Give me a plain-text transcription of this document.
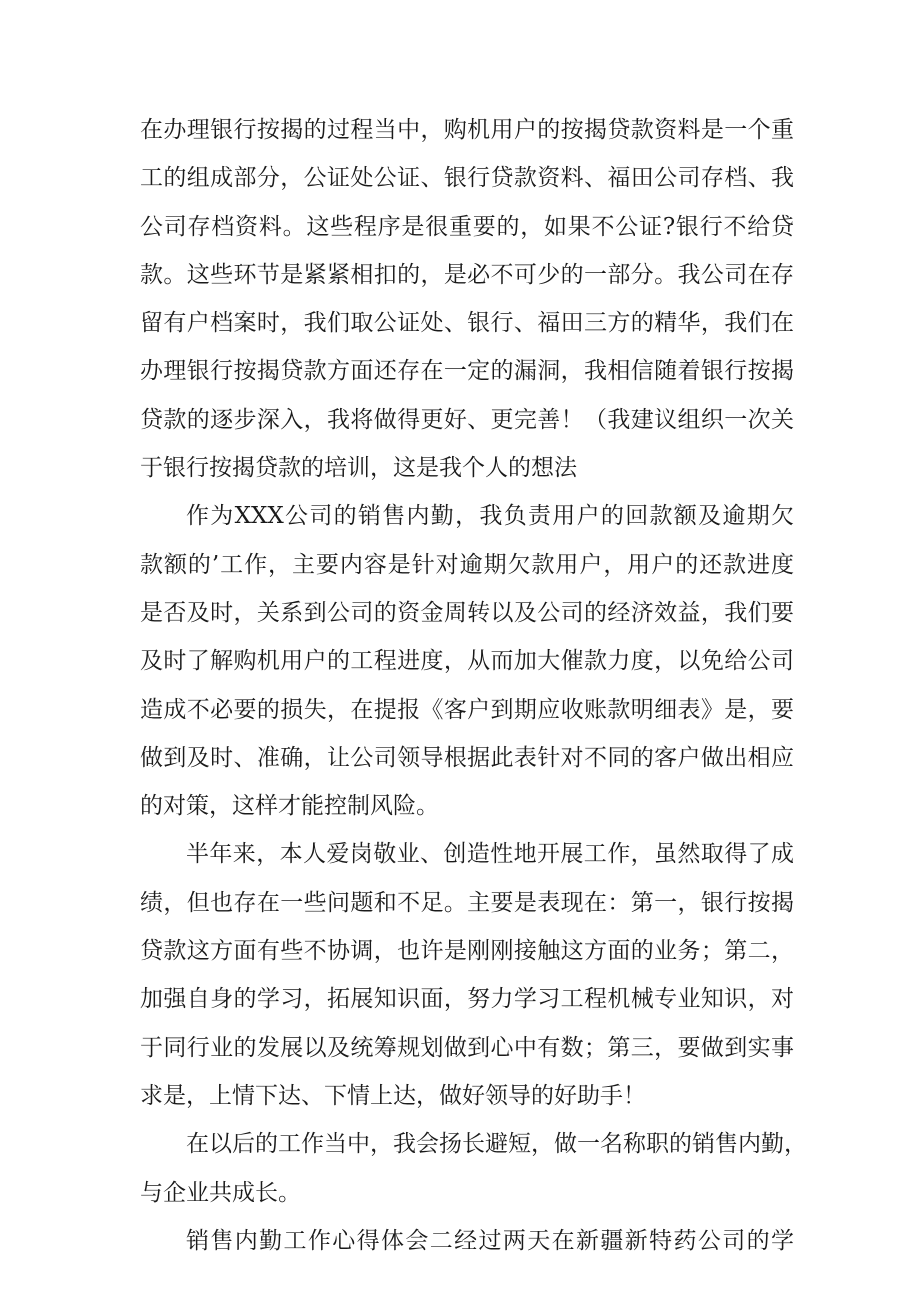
在办理银行按揭的过程当中，购机用户的按揭贷款资料是一个重
工的组成部分，公证处公证、银行贷款资料、福田公司存档、我
公司存档资料。这些程序是很重要的，如果不公证?银行不给贷
款。这些环节是紧紧相扣的，是必不可少的一部分。我公司在存
留有户档案时，我们取公证处、银行、福田三方的精华，我们在
办理银行按揭贷款方面还存在一定的漏洞，我相信随着银行按揭
贷款的逐步深入，我将做得更好、更完善！（我建议组织一次关
于银行按揭贷款的培训，这是我个人的想法
作为XXX公司的销售内勤，我负责用户的回款额及逾期欠
款额的’工作，主要内容是针对逾期欠款用户，用户的还款进度
是否及时，关系到公司的资金周转以及公司的经济效益，我们要
及时了解购机用户的工程进度，从而加大催款力度，以免给公司
造成不必要的损失，在提报《客户到期应收账款明细表》是，要
做到及时、准确，让公司领导根据此表针对不同的客户做出相应
的对策，这样才能控制风险。
半年来，本人爱岗敬业、创造性地开展工作，虽然取得了成
绩，但也存在一些问题和不足。主要是表现在：第一，银行按揭
贷款这方面有些不协调，也许是刚刚接触这方面的业务；第二，
加强自身的学习，拓展知识面，努力学习工程机械专业知识，对
于同行业的发展以及统筹规划做到心中有数；第三，要做到实事
求是，上情下达、下情上达，做好领导的好助手！
在以后的工作当中，我会扬长避短，做一名称职的销售内勤，
与企业共成长。
销售内勤工作心得体会二经过两天在新疆新特药公司的学
